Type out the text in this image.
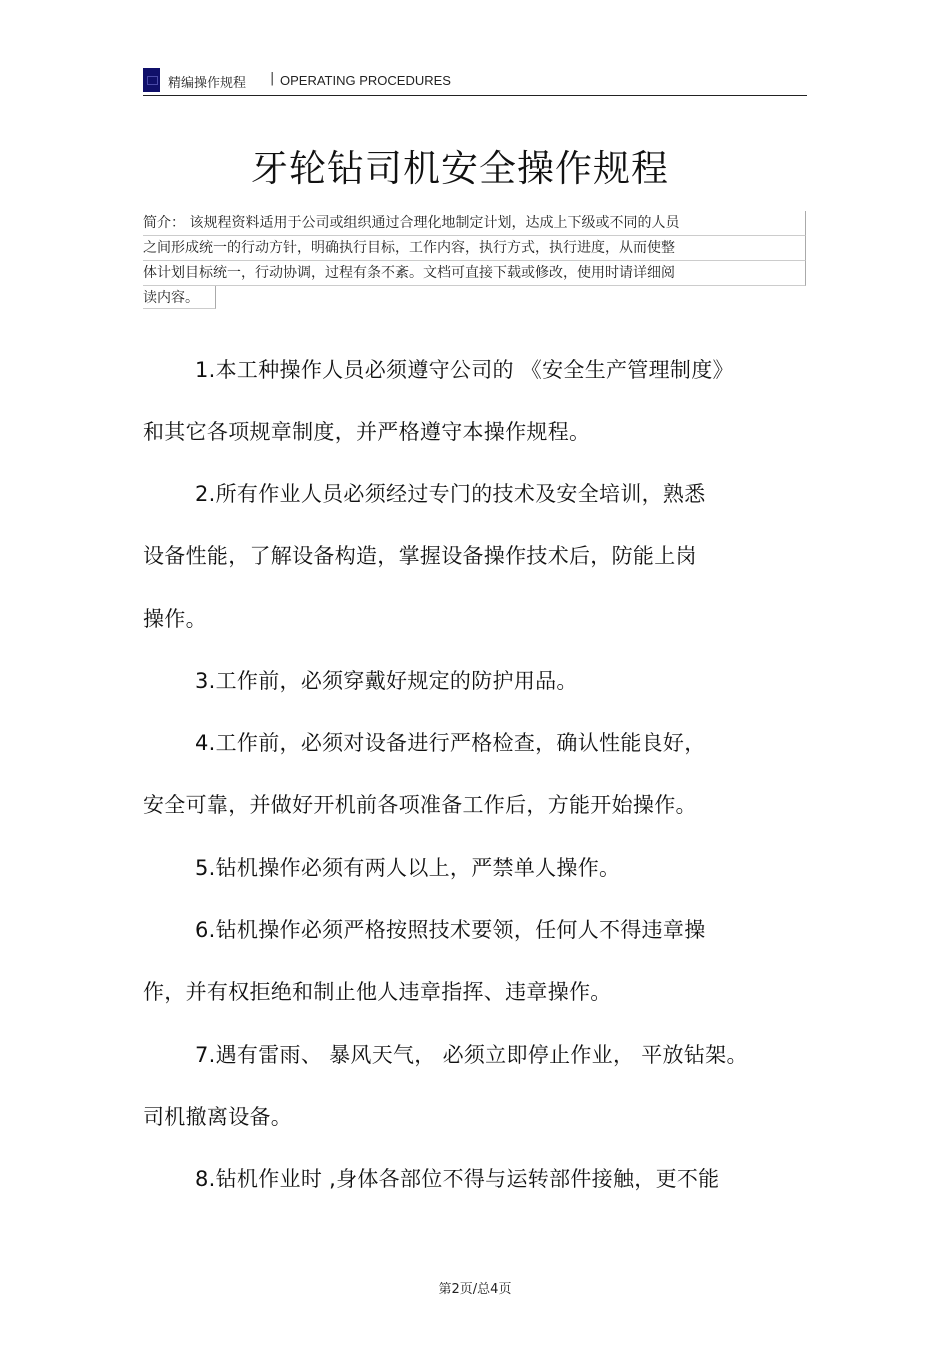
精编操作规程 | OPERATING PROCEDURES
牙轮钻司机安全操作规程
简介： 该规程资料适用于公司或组织通过合理化地制定计划，达成上下级或不同的人员
之间形成统一的行动方针，明确执行目标，工作内容，执行方式，执行进度，从而使整
体计划目标统一，行动协调，过程有条不紊。文档可直接下载或修改，使用时请详细阅
读内容。
1.本工种操作人员必须遵守公司的 《安全生产管理制度》
和其它各项规章制度，并严格遵守本操作规程。
2.所有作业人员必须经过专门的技术及安全培训，熟悉
设备性能，了解设备构造，掌握设备操作技术后，防能上岗
操作。
3.工作前，必须穿戴好规定的防护用品。
4.工作前，必须对设备进行严格检查，确认性能良好，
安全可靠，并做好开机前各项准备工作后，方能开始操作。
5.钻机操作必须有两人以上，严禁单人操作。
6.钻机操作必须严格按照技术要领，任何人不得违章操
作，并有权拒绝和制止他人违章指挥、违章操作。
7.遇有雷雨、 暴风天气， 必须立即停止作业， 平放钻架。
司机撤离设备。
8.钻机作业时 ,身体各部位不得与运转部件接触，更不能
第2页/总4页
